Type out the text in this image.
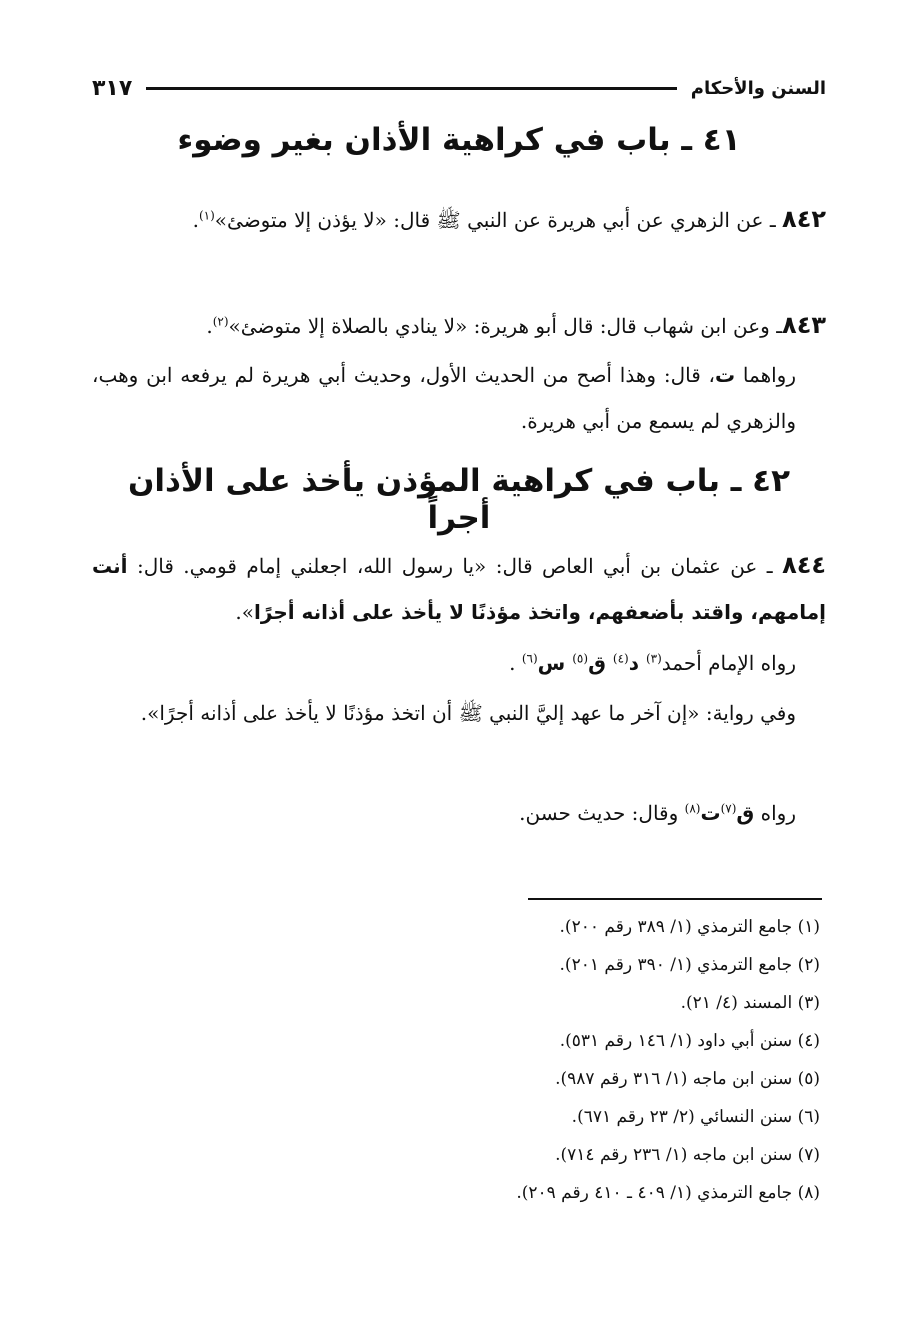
السنن والأحكام
٣١٧
٤١ ـ باب في كراهية الأذان بغير وضوء

٨٤٢ ـ عن الزهري عن أبي هريرة عن النبي ﷺ قال: «لا يؤذن إلا متوضئ»$^{(١)}$.

٨٤٣ـ وعن ابن شهاب قال: قال أبو هريرة: «لا ينادي بالصلاة إلا متوضئ»$^{(٢)}$.

رواهما ت، قال: وهذا أصح من الحديث الأول، وحديث أبي هريرة لم يرفعه ابن وهب، والزهري لم يسمع من أبي هريرة.

٤٢ ـ باب في كراهية المؤذن يأخذ على الأذان أجراً

٨٤٤ ـ عن عثمان بن أبي العاص قال: «يا رسول الله، اجعلني إمام قومي. قال: أنت إمامهم، واقتد بأضعفهم، واتخذ مؤذنًا لا يأخذ على أذانه أجرًا».

رواه الإمام أحمد$^{(٣)}$ د$^{(٤)}$ ق$^{(٥)}$ س$^{(٦)}$ .

وفي رواية: «إن آخر ما عهد إليَّ النبي ﷺ أن اتخذ مؤذنًا لا يأخذ على أذانه أجرًا».

رواه ق$^{(٧)}$ت$^{(٨)}$ وقال: حديث حسن.

(١) جامع الترمذي (١/ ٣٨٩ رقم ٢٠٠).
(٢) جامع الترمذي (١/ ٣٩٠ رقم ٢٠١).
(٣) المسند (٤/ ٢١).
(٤) سنن أبي داود (١/ ١٤٦ رقم ٥٣١).
(٥) سنن ابن ماجه (١/ ٣١٦ رقم ٩٨٧).
(٦) سنن النسائي (٢/ ٢٣ رقم ٦٧١).
(٧) سنن ابن ماجه (١/ ٢٣٦ رقم ٧١٤).
(٨) جامع الترمذي (١/ ٤٠٩ ـ ٤١٠ رقم ٢٠٩).
